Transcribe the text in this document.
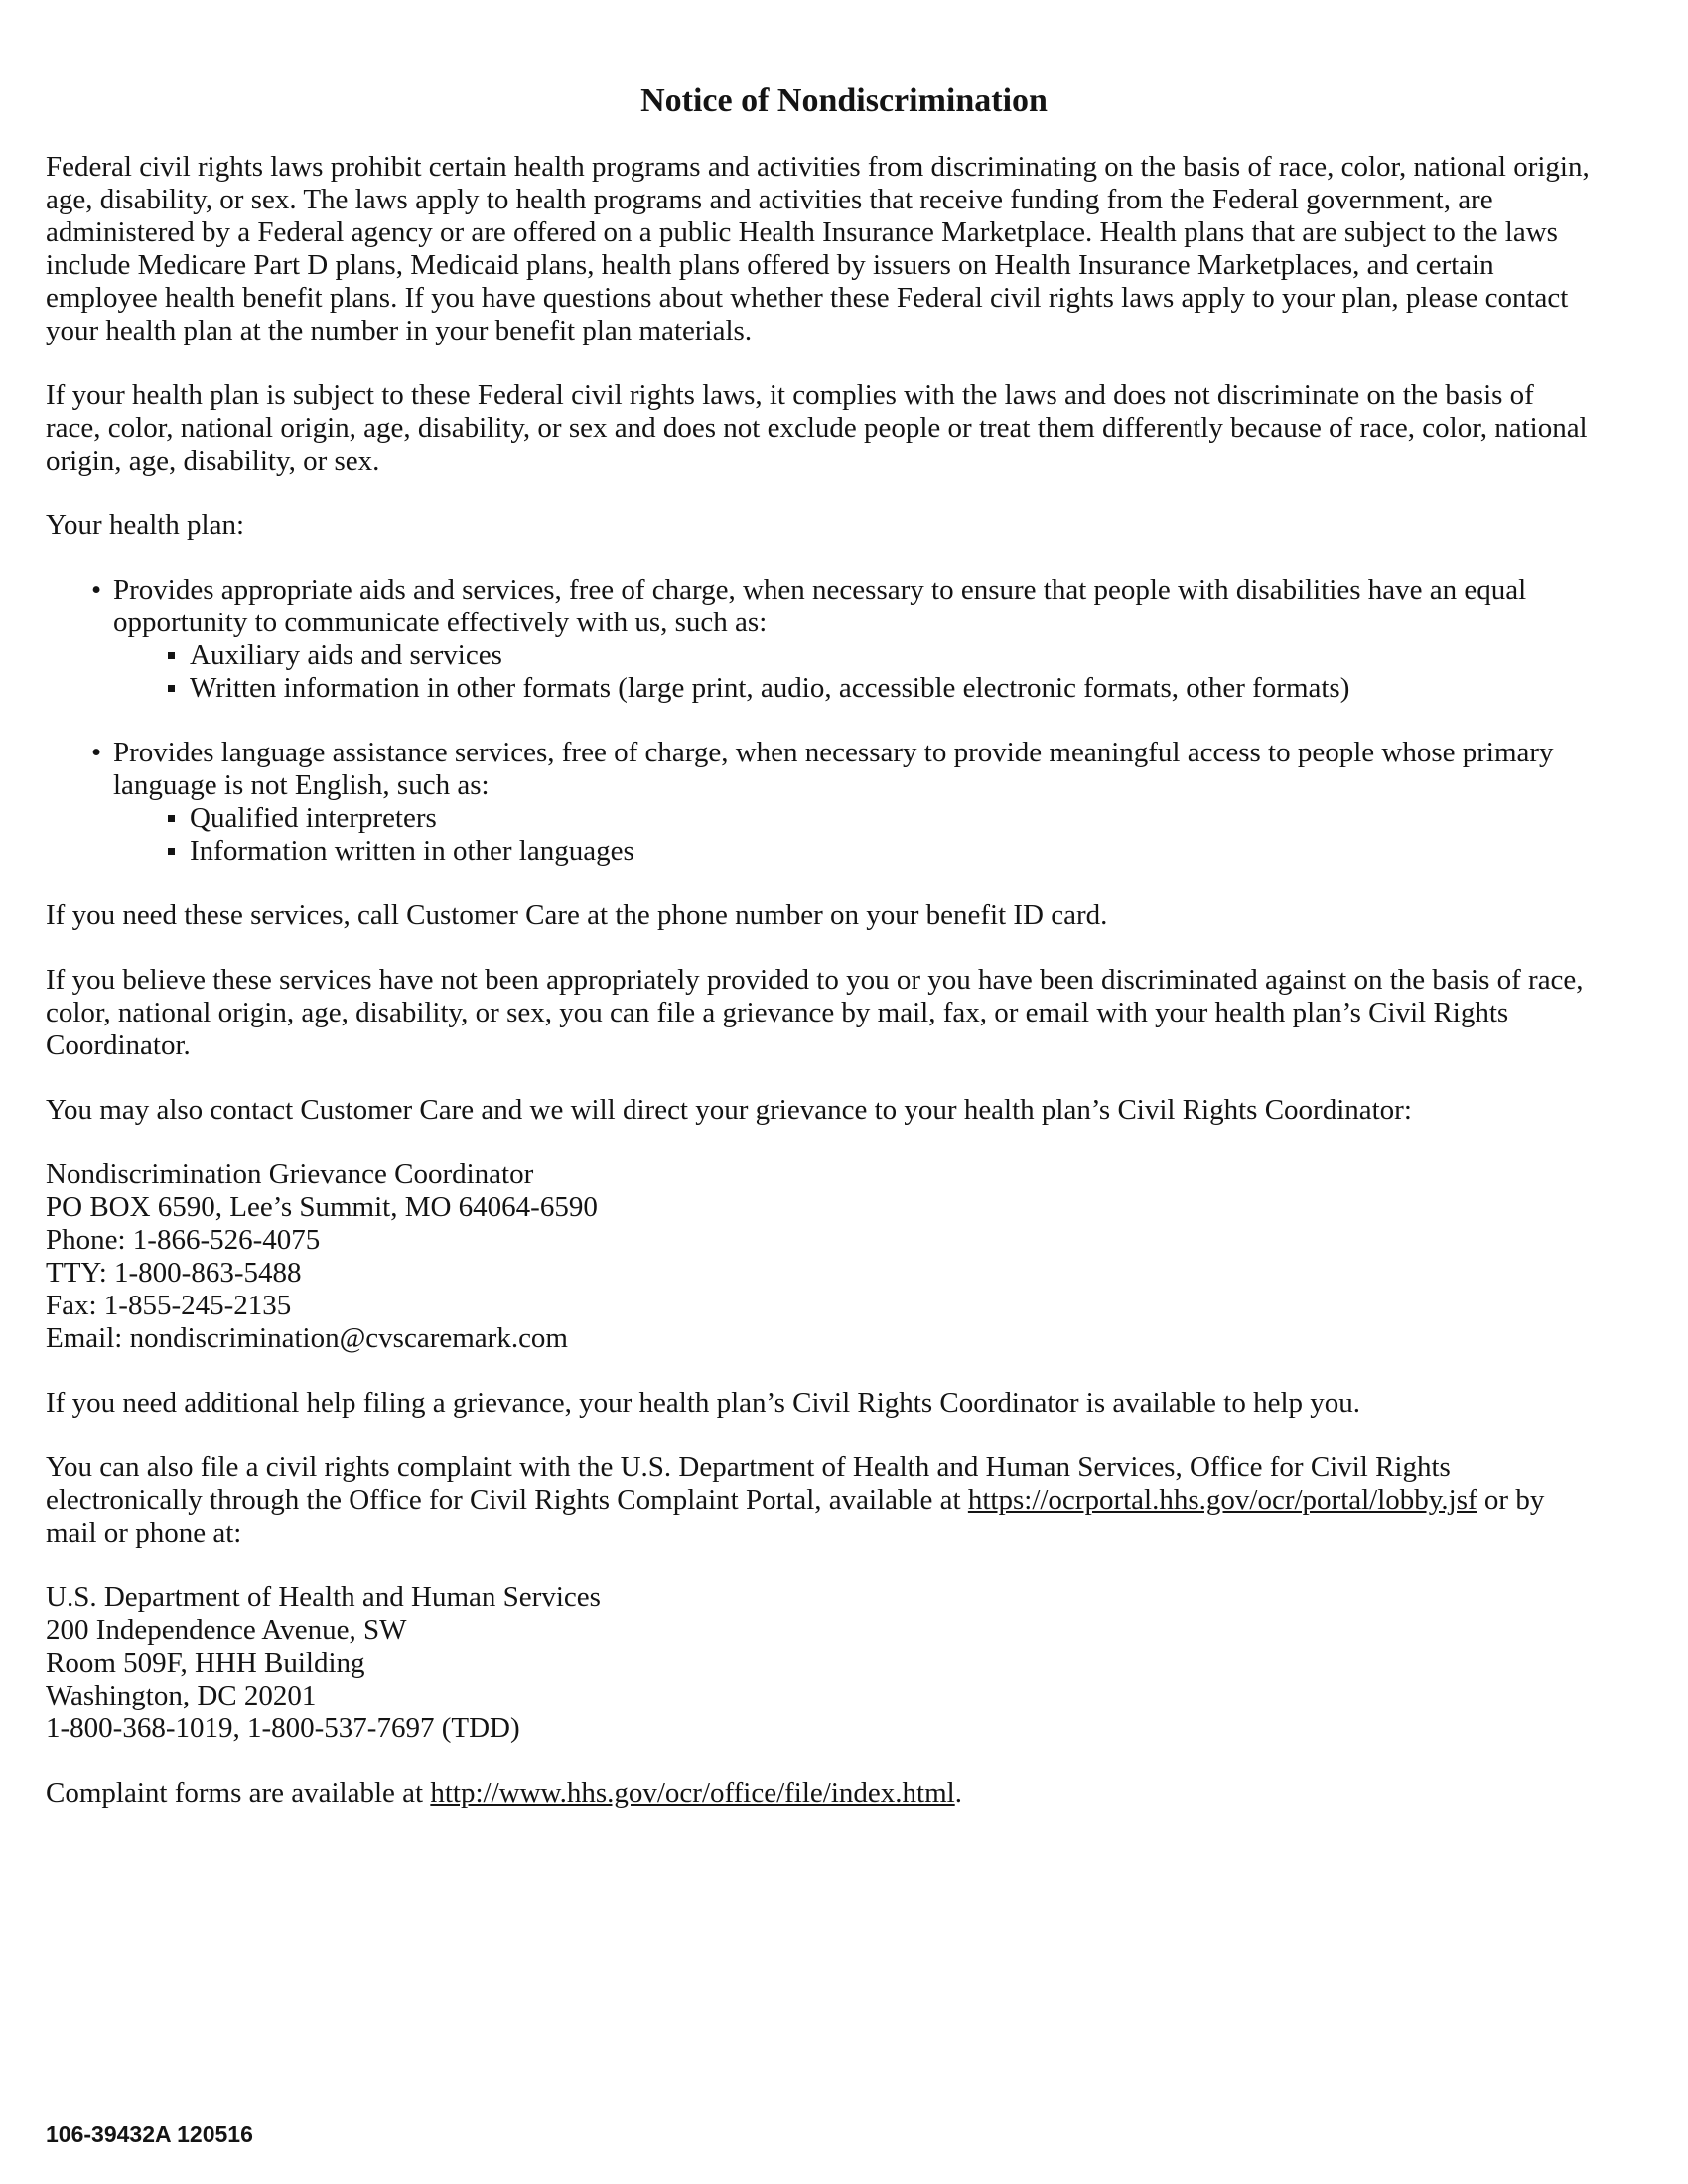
Notice of Nondiscrimination

Federal civil rights laws prohibit certain health programs and activities from discriminating on the basis of race, color, national origin, age, disability, or sex. The laws apply to health programs and activities that receive funding from the Federal government, are administered by a Federal agency or are offered on a public Health Insurance Marketplace. Health plans that are subject to the laws include Medicare Part D plans, Medicaid plans, health plans offered by issuers on Health Insurance Marketplaces, and certain employee health benefit plans. If you have questions about whether these Federal civil rights laws apply to your plan, please contact your health plan at the number in your benefit plan materials.

If your health plan is subject to these Federal civil rights laws, it complies with the laws and does not discriminate on the basis of race, color, national origin, age, disability, or sex and does not exclude people or treat them differently because of race, color, national origin, age, disability, or sex.

Your health plan:

• Provides appropriate aids and services, free of charge, when necessary to ensure that people with disabilities have an equal opportunity to communicate effectively with us, such as:
Auxiliary aids and services
Written information in other formats (large print, audio, accessible electronic formats, other formats)
• Provides language assistance services, free of charge, when necessary to provide meaningful access to people whose primary language is not English, such as:
Qualified interpreters
Information written in other languages

If you need these services, call Customer Care at the phone number on your benefit ID card.

If you believe these services have not been appropriately provided to you or you have been discriminated against on the basis of race, color, national origin, age, disability, or sex, you can file a grievance by mail, fax, or email with your health plan’s Civil Rights Coordinator.

You may also contact Customer Care and we will direct your grievance to your health plan’s Civil Rights Coordinator:

Nondiscrimination Grievance Coordinator
PO BOX 6590, Lee’s Summit, MO 64064-6590
Phone: 1-866-526-4075
TTY: 1-800-863-5488
Fax: 1-855-245-2135
Email: nondiscrimination@cvscaremark.com

If you need additional help filing a grievance, your health plan’s Civil Rights Coordinator is available to help you.

You can also file a civil rights complaint with the U.S. Department of Health and Human Services, Office for Civil Rights electronically through the Office for Civil Rights Complaint Portal, available at https://ocrportal.hhs.gov/ocr/portal/lobby.jsf or by mail or phone at:

U.S. Department of Health and Human Services
200 Independence Avenue, SW
Room 509F, HHH Building
Washington, DC 20201
1-800-368-1019, 1-800-537-7697 (TDD)

Complaint forms are available at http://www.hhs.gov/ocr/office/file/index.html.

106-39432A 120516
